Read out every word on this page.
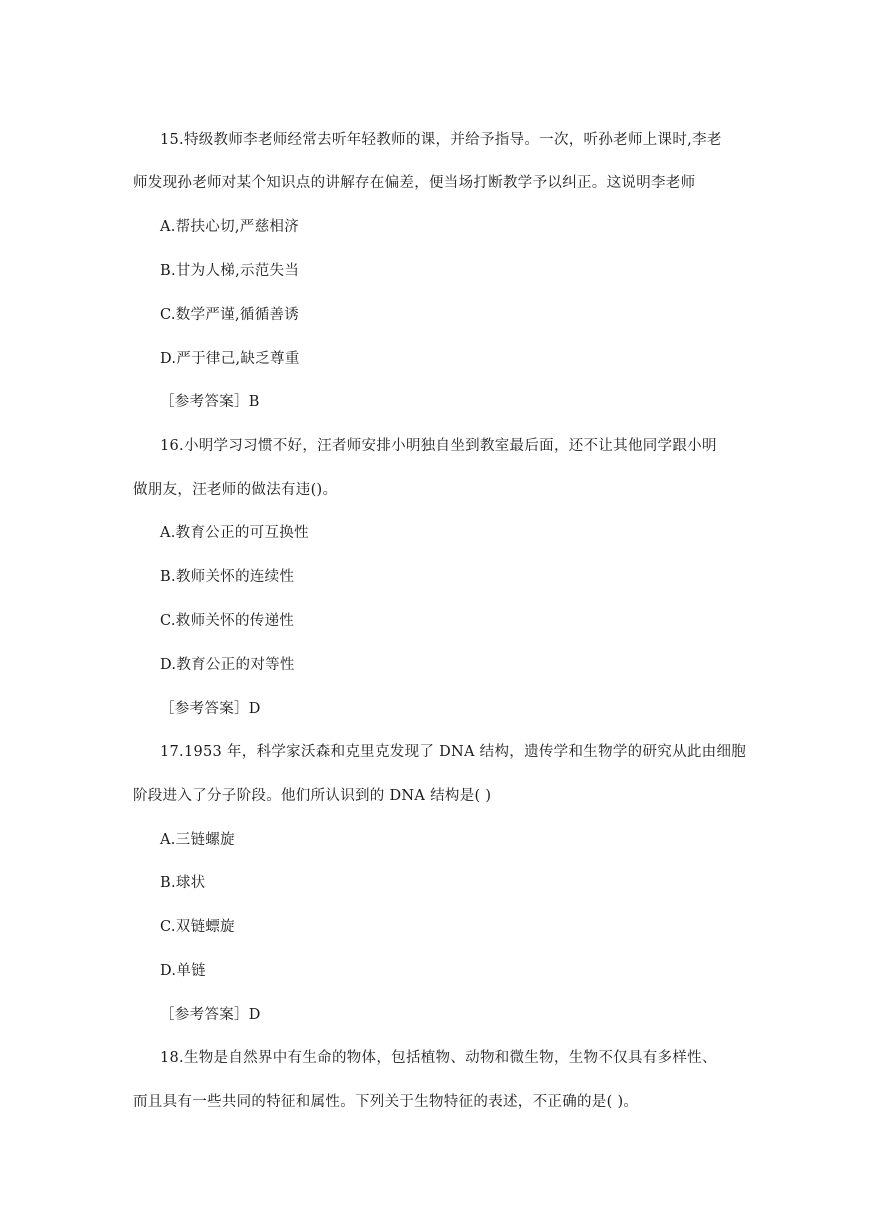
15.特级教师李老师经常去听年轻教师的课，并给予指导。一次，听孙老师上课时,李老
师发现孙老师对某个知识点的讲解存在偏差，便当场打断教学予以纠正。这说明李老师
A.帮扶心切,严慈相济
B.甘为人梯,示范失当
C.数学严谨,循循善诱
D.严于律己,缺乏尊重
［参考答案］B
16.小明学习习惯不好，汪者师安排小明独自坐到教室最后面，还不让其他同学跟小明
做朋友，汪老师的做法有违()。
A.教育公正的可互换性
B.教师关怀的连续性
C.救师关怀的传递性
D.教育公正的对等性
［参考答案］D
17.1953 年，科学家沃森和克里克发现了 DNA 结构，遗传学和生物学的研究从此由细胞
阶段进入了分子阶段。他们所认识到的 DNA 结构是( )
A.三链螺旋
B.球状
C.双链螵旋
D.单链
［参考答案］D
18.生物是自然界中有生命的物体，包括植物、动物和微生物，生物不仅具有多样性、
而且具有一些共同的特征和属性。下列关于生物特征的表述，不正确的是( )。
